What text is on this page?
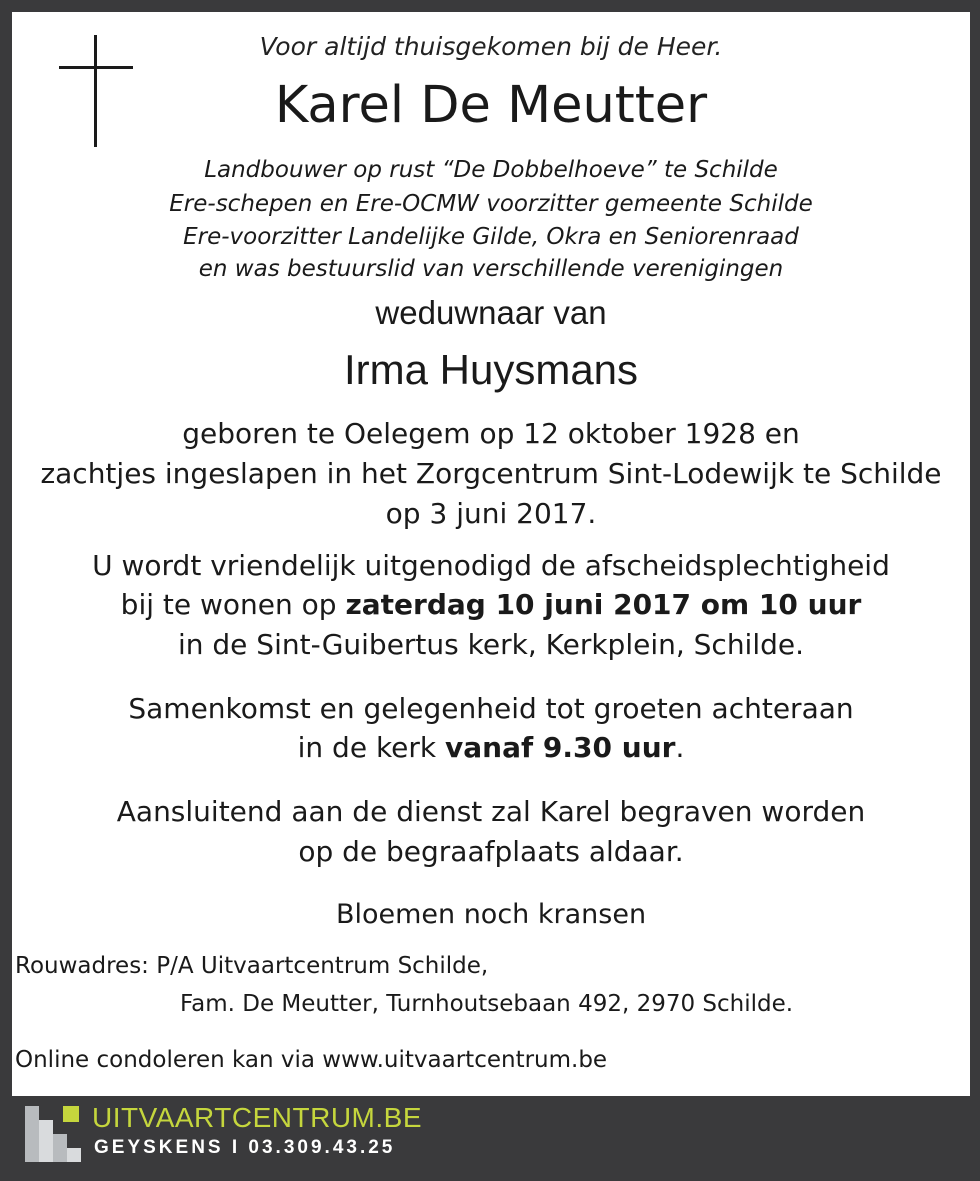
Voor altijd thuisgekomen bij de Heer.
Karel De Meutter
Landbouwer op rust “De Dobbelhoeve” te Schilde
Ere-schepen en Ere-OCMW voorzitter gemeente Schilde
Ere-voorzitter Landelijke Gilde, Okra en Seniorenraad
en was bestuurslid van verschillende verenigingen
weduwnaar van
Irma Huysmans
geboren te Oelegem op 12 oktober 1928 en
zachtjes ingeslapen in het Zorgcentrum Sint-Lodewijk te Schilde
op 3 juni 2017.
U wordt vriendelijk uitgenodigd de afscheidsplechtigheid
bij te wonen op zaterdag 10 juni 2017 om 10 uur
in de Sint-Guibertus kerk, Kerkplein, Schilde.
Samenkomst en gelegenheid tot groeten achteraan
in de kerk vanaf 9.30 uur.
Aansluitend aan de dienst zal Karel begraven worden
op de begraafplaats aldaar.
Bloemen noch kransen
Rouwadres: P/A Uitvaartcentrum Schilde,
Fam. De Meutter, Turnhoutsebaan 492, 2970 Schilde.
Online condoleren kan via www.uitvaartcentrum.be
UITVAARTCENTRUM.BE
GEYSKENS I 03.309.43.25
